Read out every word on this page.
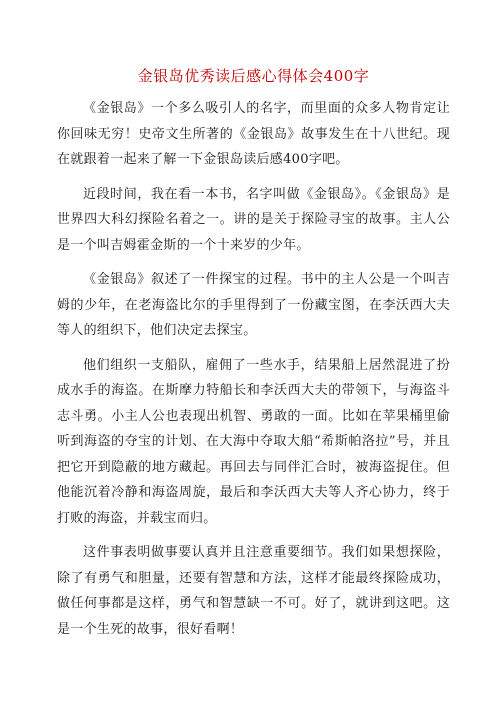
金银岛优秀读后感心得体会400字

《金银岛》一个多么吸引人的名字，而里面的众多人物肯定让你回味无穷！史帝文生所著的《金银岛》故事发生在十八世纪。现在就跟着一起来了解一下金银岛读后感400字吧。

近段时间，我在看一本书，名字叫做《金银岛》。《金银岛》是世界四大科幻探险名着之一。讲的是关于探险寻宝的故事。主人公是一个叫吉姆霍金斯的一个十来岁的少年。

《金银岛》叙述了一件探宝的过程。书中的主人公是一个叫吉姆的少年，在老海盗比尔的手里得到了一份藏宝图，在李沃西大夫等人的组织下，他们决定去探宝。

他们组织一支船队，雇佣了一些水手，结果船上居然混进了扮成水手的海盗。在斯摩力特船长和李沃西大夫的带领下，与海盗斗志斗勇。小主人公也表现出机智、勇敢的一面。比如在苹果桶里偷听到海盗的夺宝的计划、在大海中夺取大船“希斯帕洛拉”号，并且把它开到隐蔽的地方藏起。再回去与同伴汇合时，被海盗捉住。但他能沉着冷静和海盗周旋，最后和李沃西大夫等人齐心协力，终于打败的海盗，并载宝而归。

这件事表明做事要认真并且注意重要细节。我们如果想探险，除了有勇气和胆量，还要有智慧和方法，这样才能最终探险成功，做任何事都是这样，勇气和智慧缺一不可。好了，就讲到这吧。这是一个生死的故事，很好看啊！
